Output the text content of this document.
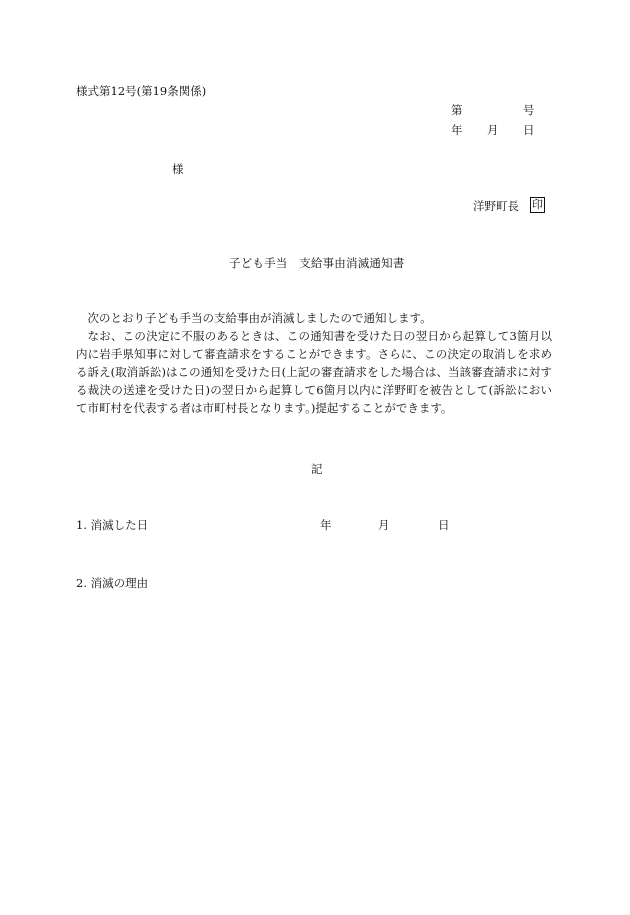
様式第12号(第19条関係)
第	号
年 月 日
様
洋野町長 印
子ども手当　支給事由消滅通知書

次のとおり子ども手当の支給事由が消滅しましたので通知します。

なお、この決定に不服のあるときは、この通知書を受けた日の翌日から起算して3箇月以内に岩手県知事に対して審査請求をすることができます。さらに、この決定の取消しを求める訴え(取消訴訟)はこの通知を受けた日(上記の審査請求をした場合は、当該審査請求に対する裁決の送達を受けた日)の翌日から起算して6箇月以内に洋野町を被告として(訴訟において市町村を代表する者は市町村長となります。)提起することができます。

記
1. 消滅した日	年	月	日
2. 消滅の理由
